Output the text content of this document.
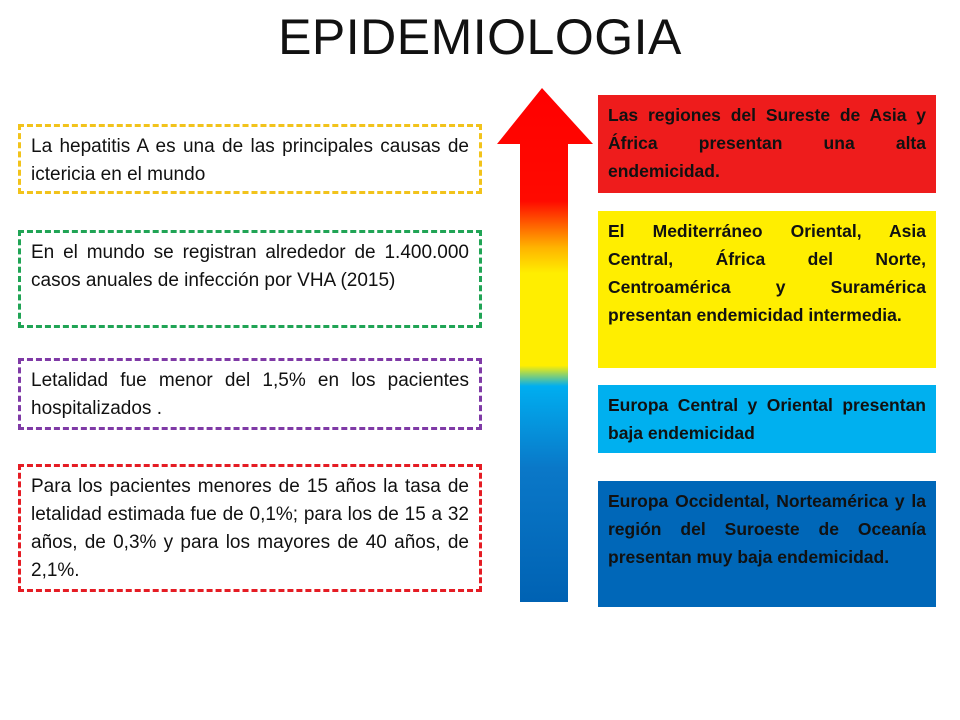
EPIDEMIOLOGIA
La hepatitis A es una de las principales causas de ictericia en el mundo
En el mundo se registran alrededor de 1.400.000 casos anuales de infección por VHA (2015)
Letalidad fue menor del 1,5% en los pacientes hospitalizados .
Para los pacientes menores de 15 años la tasa de letalidad estimada fue de 0,1%; para los de 15 a 32 años, de 0,3% y para los mayores de 40 años, de 2,1%.
Las regiones del Sureste de Asia y África presentan una alta endemicidad.
El Mediterráneo Oriental, Asia Central, África del Norte, Centroamérica y Suramérica presentan endemicidad intermedia.
Europa Central y Oriental presentan baja endemicidad
Europa Occidental, Norteamérica y la región del Suroeste de Oceanía presentan muy baja endemicidad.
